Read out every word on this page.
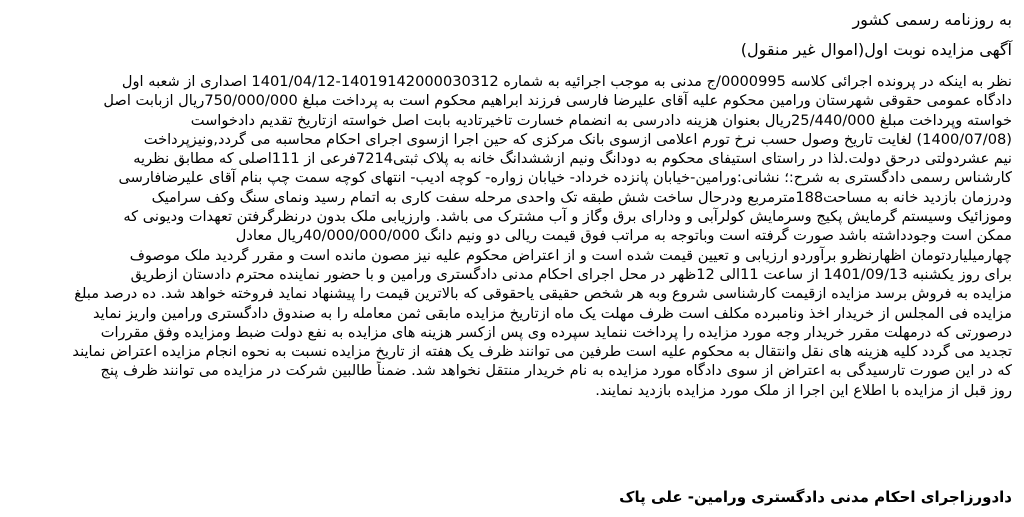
به روزنامه رسمی کشور
آگهی مزایده نوبت اول(اموال غیر منقول)
نظر به اینکه در پرونده اجرائی کلاسه 0000995/ج مدنی به موجب اجرائیه به شماره 14019142000030312-1401/04/12 اصداری از شعبه اول
دادگاه عمومی حقوقی شهرستان ورامین محکوم علیه آقای علیرضا فارسی فرزند ابراهیم محکوم است به پرداخت مبلغ 750/000/000ریال ازبابت اصل
خواسته وپرداخت مبلغ 25/440/000ریال بعنوان هزینه دادرسی به انضمام خسارت تاخیرتادیه بابت اصل خواسته ازتاریخ تقدیم دادخواست
(1400/07/08) لغایت تاریخ وصول حسب نرخ تورم اعلامی ازسوی بانک مرکزی که حین اجرا ازسوی اجرای احکام محاسبه می گردد,ونیزپرداخت
نیم عشردولتی درحق دولت.لذا در راستای استیفای محکوم به دودانگ ونیم ازششدانگ خانه به پلاک ثبتی7214فرعی از 111اصلی که مطابق نظریه
کارشناس رسمی دادگستری به شرح:؛ نشانی:ورامین-خیابان پانزده خرداد- خیابان زواره- کوچه ادیب- انتهای کوچه سمت چپ بنام آقای علیرضافارسی
ودرزمان بازدید خانه به مساحت188مترمربع ودرحال ساخت شش طبقه تک واحدی مرحله سفت کاری به اتمام رسید ونمای سنگ وکف سرامیک
وموزائیک وسیستم گرمایش پکیج وسرمایش کولرآبی و ودارای برق وگاز و آب مشترک می باشد. وارزیابی ملک بدون درنظرگرفتن تعهدات ودیونی که
ممکن است وجودداشته باشد صورت گرفته است وباتوجه به مراتب فوق قیمت ریالی دو ونیم دانگ 40/000/000/000ریال معادل
چهارمیلیاردتومان اظهارنظرو برآوردو ارزیابی و تعیین قیمت شده است و از اعتراض محکوم علیه نیز مصون مانده است و مقرر گردید ملک موصوف
برای روز یکشنبه 1401/09/13 از ساعت 11الی 12ظهر در محل اجرای احکام مدنی دادگستری ورامین و با حضور نماینده محترم دادستان ازطریق
مزایده به فروش برسد مزایده ازقیمت کارشناسی شروع وبه هر شخص حقیقی یاحقوقی که بالاترین قیمت را پیشنهاد نماید فروخته خواهد شد. ده درصد مبلغ
مزایده فی المجلس از خریدار اخذ ونامبرده مکلف است ظرف مهلت یک ماه ازتاریخ مزایده مابقی ثمن معامله را به صندوق دادگستری ورامین واریز نماید
درصورتی که درمهلت مقرر خریدار وجه مورد مزایده را پرداخت ننماید سپرده وی پس ازکسر هزینه های مزایده به نفع دولت ضبط ومزایده وفق مقررات
تجدید می گردد کلیه هزینه های نقل وانتقال به محکوم علیه است طرفین می توانند ظرف یک هفته از تاریخ مزایده نسبت به نحوه انجام مزایده اعتراض نمایند
که در این صورت تارسیدگی به اعتراض از سوی دادگاه مورد مزایده به نام خریدار منتقل نخواهد شد. ضمناً طالبین شرکت در مزایده می توانند ظرف پنج
روز قبل از مزایده با اطلاع این اجرا از ملک مورد مزایده بازدید نمایند.
دادورزاجرای احکام مدنی دادگستری ورامین- علی پاک
